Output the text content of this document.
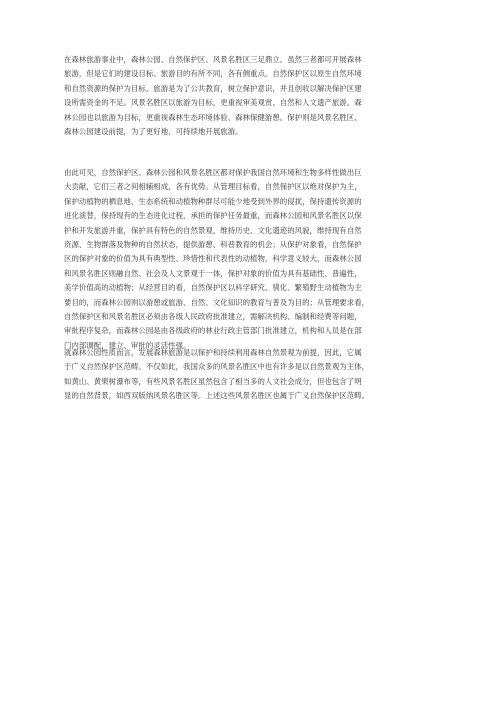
在森林旅游事业中，森林公园、自然保护区、风景名胜区三足鼎立。虽然三者都可开展森林
旅游，但是它们的建设目标、旅游目的有所不同，各有侧重点。自然保护区以原生自然环境
和自然资源的保护为目标，旅游是为了公共教育，树立保护意识，并且创收以解决保护区建
设所需资金的不足。风景名胜区以旅游为目标，更重视审美观赏、自然和人文遗产旅游。森
林公园也以旅游为目标，更重视森林生态环境体验、森林保健游憩。保护则是风景名胜区、
森林公园建设前提，为了更好地、可持续地开展旅游。
由此可见，自然保护区、森林公园和风景名胜区都对保护我国自然环境和生物多样性做出巨
大贡献，它们三者之间相辅相成，各有优势。从管理目标看，自然保护区以绝对保护为主，
保护动植物的栖息地、生态系统和动植物种群尽可能少地受到外界的侵扰，保持遗传资源的
进化演替，保持现有的生态进化过程，承担的保护任务最重，而森林公园和风景名胜区以保
护和开发旅游并重，保护具有特色的自然景观，维持历史、文化遗迹的风貌，维持现有自然
资源、生物群落及物种的自然状态，提供游憩、科普教育的机会；从保护对象看，自然保护
区的保护对象的价值为具有典型性、珍惜性和代表性的动植物，科学意义较大，而森林公园
和风景名胜区则融自然、社会及人文景观于一体，保护对象的价值为具有基础性、普遍性，
美学价值高的动植物；从经营目的看，自然保护区以科学研究、驯化、繁殖野生动植物为主
要目的，而森林公园则以游憩或旅游、自然、文化知识的教育与普及为目的；从管理要求看，
自然保护区和风景名胜区必须由各级人民政府批准建立，需解决机构、编制和经费等问题，
审批程序复杂，而森林公园是由各级政府的林业行政主管部门批准建立，机构和人员是在部
门内部调配，建立、审批的灵活性强。
就森林公园性质而言，发展森林旅游是以保护和持续利用森林自然景观为前提，因此，它属
于广义自然保护区范畴。不仅如此，我国众多的风景名胜区中也有许多是以自然景观为主体，
如黄山、黄果树瀑布等，有些风景名胜区虽然包含了相当多的人文社会成分，但也包含了明
显的自然背景，如西双版纳风景名胜区等。上述这些风景名胜区也属于广义自然保护区范畴。
